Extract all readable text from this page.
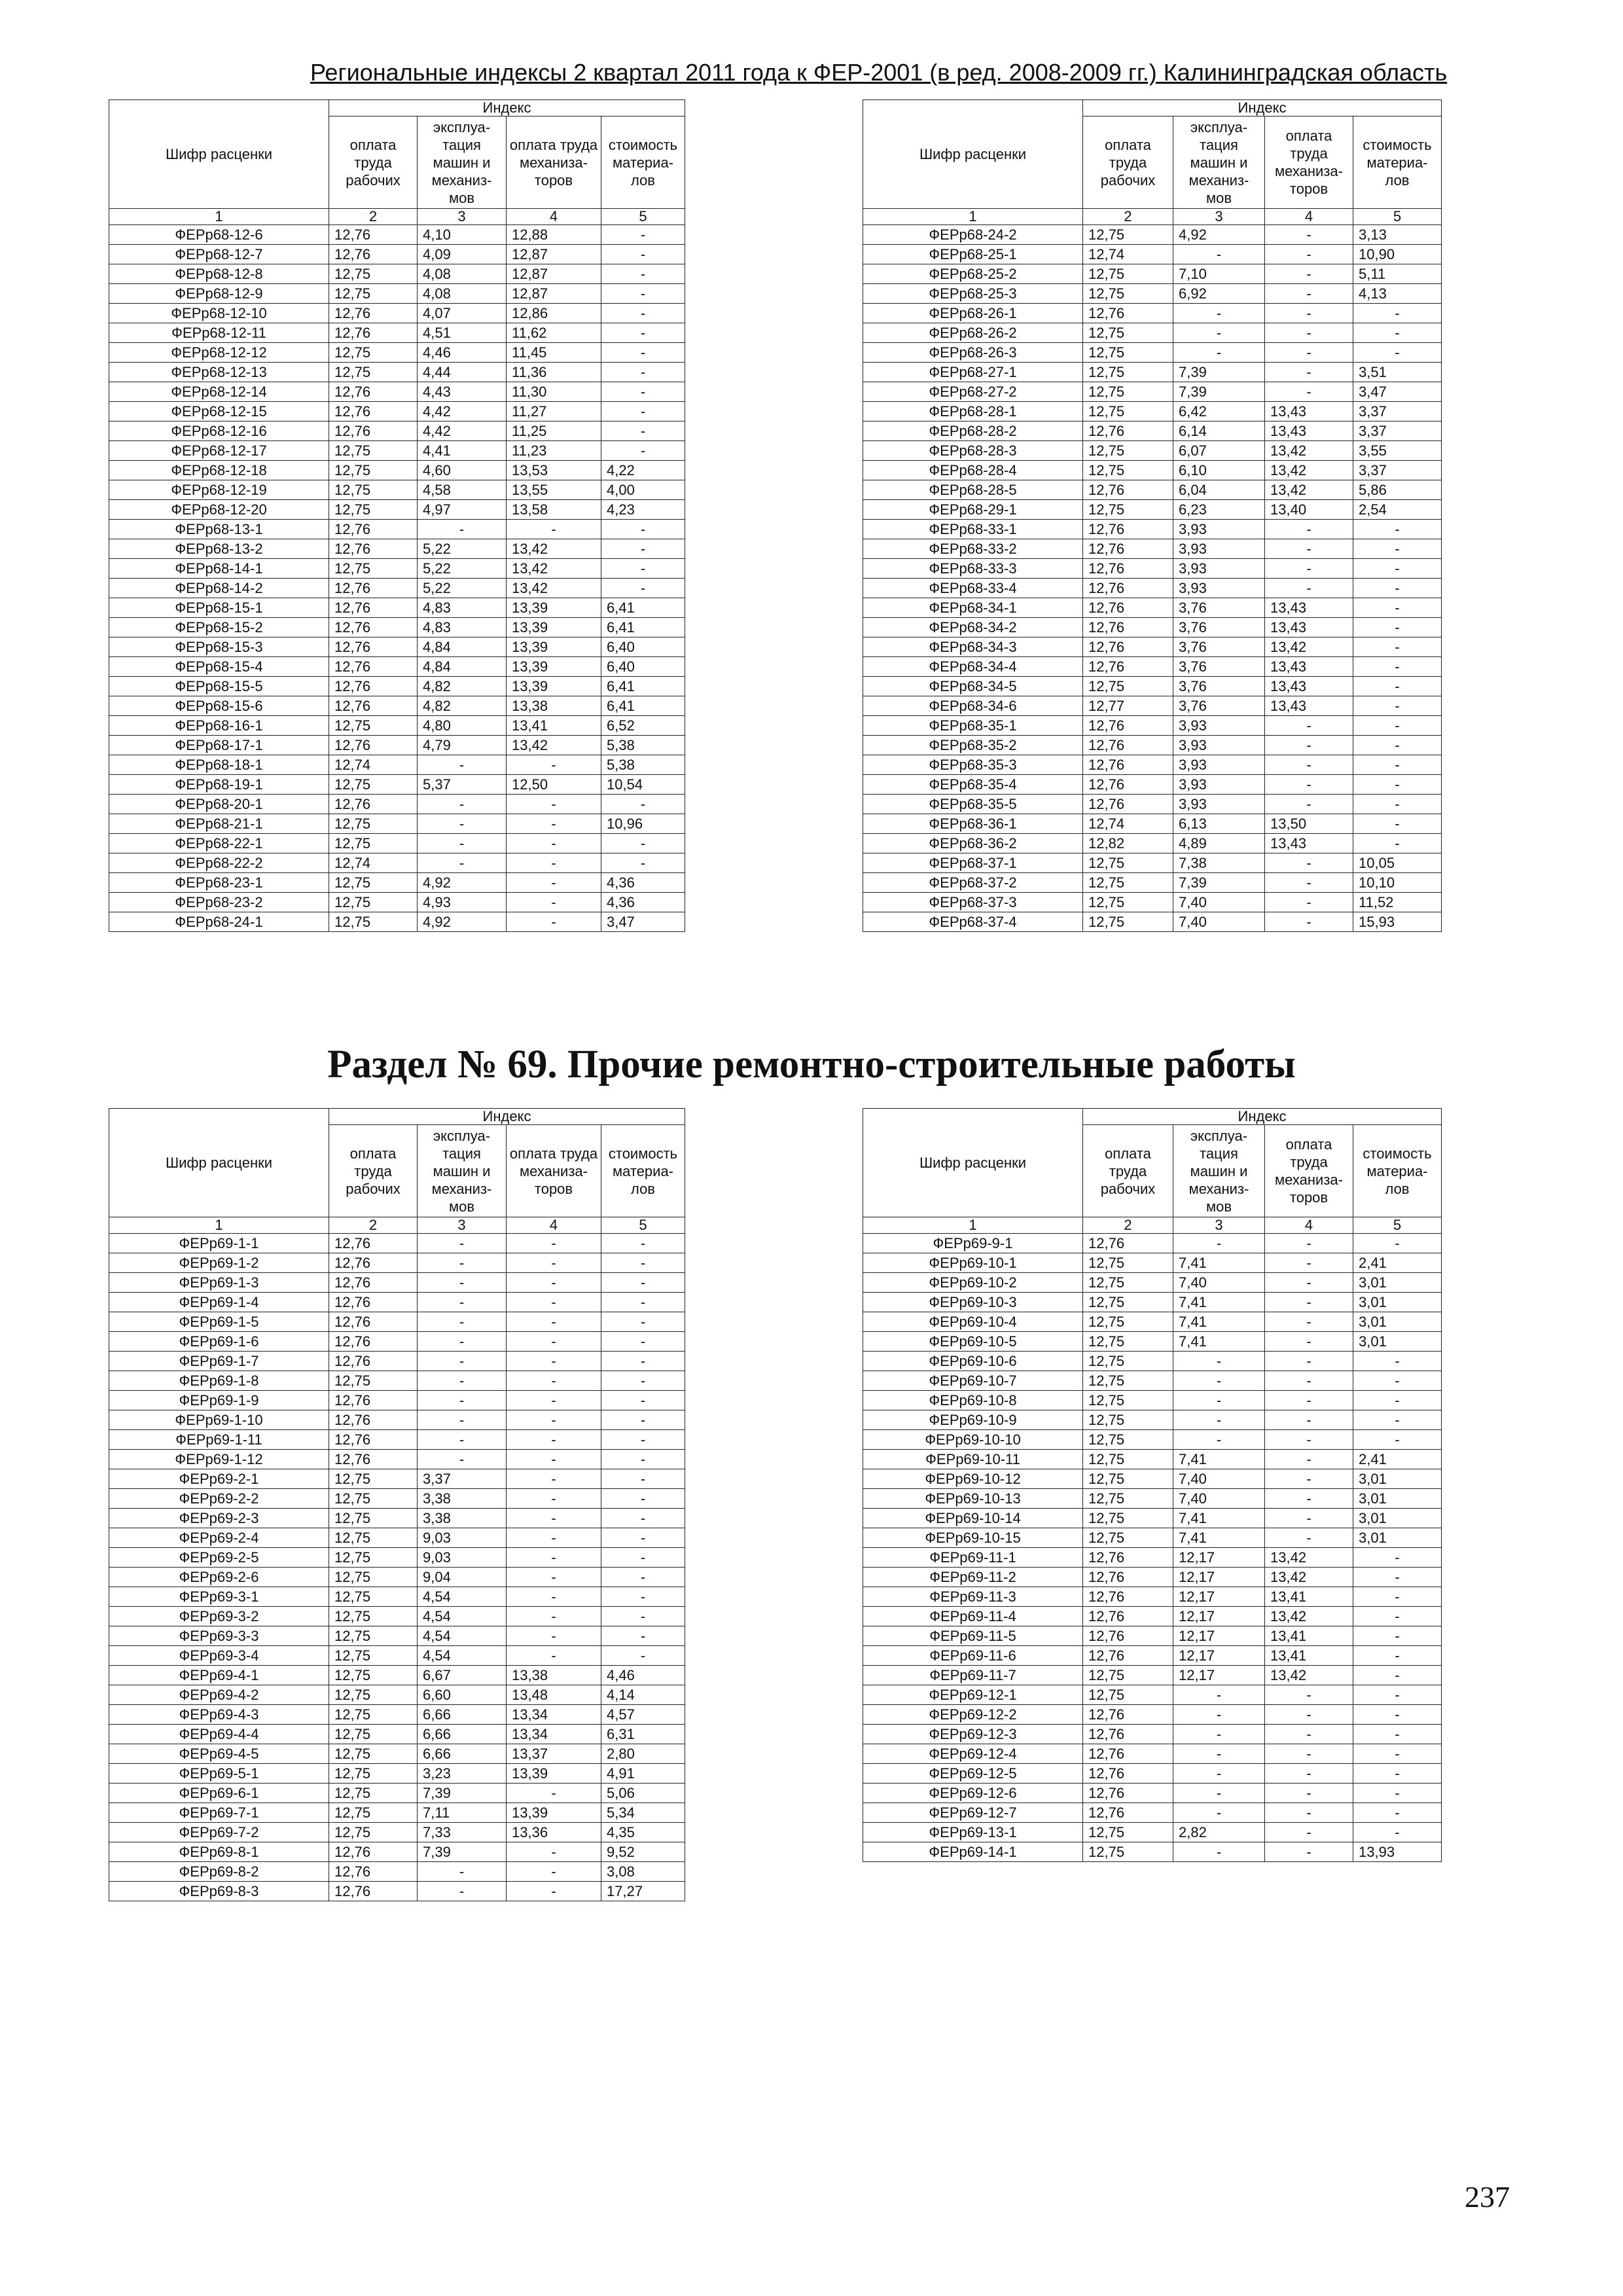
Региональные индексы 2 квартал 2011 года к ФЕР-2001 (в ред. 2008-2009 гг.) Калининградская область
Шифр расценки	Индекс			
	оплата труда рабочих	эксплуа- тация машин и механиз- мов	оплата труда механиза- торов	стоимость материа- лов
1	2	3	4	5
ФЕРр68-12-6	12,76	4,10	12,88	-
ФЕРр68-12-7	12,76	4,09	12,87	-
ФЕРр68-12-8	12,75	4,08	12,87	-
ФЕРр68-12-9	12,75	4,08	12,87	-
ФЕРр68-12-10	12,76	4,07	12,86	-
ФЕРр68-12-11	12,76	4,51	11,62	-
ФЕРр68-12-12	12,75	4,46	11,45	-
ФЕРр68-12-13	12,75	4,44	11,36	-
ФЕРр68-12-14	12,76	4,43	11,30	-
ФЕРр68-12-15	12,76	4,42	11,27	-
ФЕРр68-12-16	12,76	4,42	11,25	-
ФЕРр68-12-17	12,75	4,41	11,23	-
ФЕРр68-12-18	12,75	4,60	13,53	4,22
ФЕРр68-12-19	12,75	4,58	13,55	4,00
ФЕРр68-12-20	12,75	4,97	13,58	4,23
ФЕРр68-13-1	12,76	-	-	-
ФЕРр68-13-2	12,76	5,22	13,42	-
ФЕРр68-14-1	12,75	5,22	13,42	-
ФЕРр68-14-2	12,76	5,22	13,42	-
ФЕРр68-15-1	12,76	4,83	13,39	6,41
ФЕРр68-15-2	12,76	4,83	13,39	6,41
ФЕРр68-15-3	12,76	4,84	13,39	6,40
ФЕРр68-15-4	12,76	4,84	13,39	6,40
ФЕРр68-15-5	12,76	4,82	13,39	6,41
ФЕРр68-15-6	12,76	4,82	13,38	6,41
ФЕРр68-16-1	12,75	4,80	13,41	6,52
ФЕРр68-17-1	12,76	4,79	13,42	5,38
ФЕРр68-18-1	12,74	-	-	5,38
ФЕРр68-19-1	12,75	5,37	12,50	10,54
ФЕРр68-20-1	12,76	-	-	-
ФЕРр68-21-1	12,75	-	-	10,96
ФЕРр68-22-1	12,75	-	-	-
ФЕРр68-22-2	12,74	-	-	-
ФЕРр68-23-1	12,75	4,92	-	4,36
ФЕРр68-23-2	12,75	4,93	-	4,36
ФЕРр68-24-1	12,75	4,92	-	3,47
Шифр расценки	Индекс			
	оплата труда рабочих	эксплуа- тация машин и механиз- мов	оплата труда механиза- торов	стоимость материа- лов
1	2	3	4	5
ФЕРр68-24-2	12,75	4,92	-	3,13
ФЕРр68-25-1	12,74	-	-	10,90
ФЕРр68-25-2	12,75	7,10	-	5,11
ФЕРр68-25-3	12,75	6,92	-	4,13
ФЕРр68-26-1	12,76	-	-	-
ФЕРр68-26-2	12,75	-	-	-
ФЕРр68-26-3	12,75	-	-	-
ФЕРр68-27-1	12,75	7,39	-	3,51
ФЕРр68-27-2	12,75	7,39	-	3,47
ФЕРр68-28-1	12,75	6,42	13,43	3,37
ФЕРр68-28-2	12,76	6,14	13,43	3,37
ФЕРр68-28-3	12,75	6,07	13,42	3,55
ФЕРр68-28-4	12,75	6,10	13,42	3,37
ФЕРр68-28-5	12,76	6,04	13,42	5,86
ФЕРр68-29-1	12,75	6,23	13,40	2,54
ФЕРр68-33-1	12,76	3,93	-	-
ФЕРр68-33-2	12,76	3,93	-	-
ФЕРр68-33-3	12,76	3,93	-	-
ФЕРр68-33-4	12,76	3,93	-	-
ФЕРр68-34-1	12,76	3,76	13,43	-
ФЕРр68-34-2	12,76	3,76	13,43	-
ФЕРр68-34-3	12,76	3,76	13,42	-
ФЕРр68-34-4	12,76	3,76	13,43	-
ФЕРр68-34-5	12,75	3,76	13,43	-
ФЕРр68-34-6	12,77	3,76	13,43	-
ФЕРр68-35-1	12,76	3,93	-	-
ФЕРр68-35-2	12,76	3,93	-	-
ФЕРр68-35-3	12,76	3,93	-	-
ФЕРр68-35-4	12,76	3,93	-	-
ФЕРр68-35-5	12,76	3,93	-	-
ФЕРр68-36-1	12,74	6,13	13,50	-
ФЕРр68-36-2	12,82	4,89	13,43	-
ФЕРр68-37-1	12,75	7,38	-	10,05
ФЕРр68-37-2	12,75	7,39	-	10,10
ФЕРр68-37-3	12,75	7,40	-	11,52
ФЕРр68-37-4	12,75	7,40	-	15,93
Раздел № 69. Прочие ремонтно-строительные работы
Шифр расценки	Индекс			
	оплата труда рабочих	эксплуа- тация машин и механиз- мов	оплата труда механиза- торов	стоимость материа- лов
1	2	3	4	5
ФЕРр69-1-1	12,76	-	-	-
ФЕРр69-1-2	12,76	-	-	-
ФЕРр69-1-3	12,76	-	-	-
ФЕРр69-1-4	12,76	-	-	-
ФЕРр69-1-5	12,76	-	-	-
ФЕРр69-1-6	12,76	-	-	-
ФЕРр69-1-7	12,76	-	-	-
ФЕРр69-1-8	12,75	-	-	-
ФЕРр69-1-9	12,76	-	-	-
ФЕРр69-1-10	12,76	-	-	-
ФЕРр69-1-11	12,76	-	-	-
ФЕРр69-1-12	12,76	-	-	-
ФЕРр69-2-1	12,75	3,37	-	-
ФЕРр69-2-2	12,75	3,38	-	-
ФЕРр69-2-3	12,75	3,38	-	-
ФЕРр69-2-4	12,75	9,03	-	-
ФЕРр69-2-5	12,75	9,03	-	-
ФЕРр69-2-6	12,75	9,04	-	-
ФЕРр69-3-1	12,75	4,54	-	-
ФЕРр69-3-2	12,75	4,54	-	-
ФЕРр69-3-3	12,75	4,54	-	-
ФЕРр69-3-4	12,75	4,54	-	-
ФЕРр69-4-1	12,75	6,67	13,38	4,46
ФЕРр69-4-2	12,75	6,60	13,48	4,14
ФЕРр69-4-3	12,75	6,66	13,34	4,57
ФЕРр69-4-4	12,75	6,66	13,34	6,31
ФЕРр69-4-5	12,75	6,66	13,37	2,80
ФЕРр69-5-1	12,75	3,23	13,39	4,91
ФЕРр69-6-1	12,75	7,39	-	5,06
ФЕРр69-7-1	12,75	7,11	13,39	5,34
ФЕРр69-7-2	12,75	7,33	13,36	4,35
ФЕРр69-8-1	12,76	7,39	-	9,52
ФЕРр69-8-2	12,76	-	-	3,08
ФЕРр69-8-3	12,76	-	-	17,27
Шифр расценки	Индекс			
	оплата труда рабочих	эксплуа- тация машин и механиз- мов	оплата труда механиза- торов	стоимость материа- лов
1	2	3	4	5
ФЕРр69-9-1	12,76	-	-	-
ФЕРр69-10-1	12,75	7,41	-	2,41
ФЕРр69-10-2	12,75	7,40	-	3,01
ФЕРр69-10-3	12,75	7,41	-	3,01
ФЕРр69-10-4	12,75	7,41	-	3,01
ФЕРр69-10-5	12,75	7,41	-	3,01
ФЕРр69-10-6	12,75	-	-	-
ФЕРр69-10-7	12,75	-	-	-
ФЕРр69-10-8	12,75	-	-	-
ФЕРр69-10-9	12,75	-	-	-
ФЕРр69-10-10	12,75	-	-	-
ФЕРр69-10-11	12,75	7,41	-	2,41
ФЕРр69-10-12	12,75	7,40	-	3,01
ФЕРр69-10-13	12,75	7,40	-	3,01
ФЕРр69-10-14	12,75	7,41	-	3,01
ФЕРр69-10-15	12,75	7,41	-	3,01
ФЕРр69-11-1	12,76	12,17	13,42	-
ФЕРр69-11-2	12,76	12,17	13,42	-
ФЕРр69-11-3	12,76	12,17	13,41	-
ФЕРр69-11-4	12,76	12,17	13,42	-
ФЕРр69-11-5	12,76	12,17	13,41	-
ФЕРр69-11-6	12,76	12,17	13,41	-
ФЕРр69-11-7	12,75	12,17	13,42	-
ФЕРр69-12-1	12,75	-	-	-
ФЕРр69-12-2	12,76	-	-	-
ФЕРр69-12-3	12,76	-	-	-
ФЕРр69-12-4	12,76	-	-	-
ФЕРр69-12-5	12,76	-	-	-
ФЕРр69-12-6	12,76	-	-	-
ФЕРр69-12-7	12,76	-	-	-
ФЕРр69-13-1	12,75	2,82	-	-
ФЕРр69-14-1	12,75	-	-	13,93
237
